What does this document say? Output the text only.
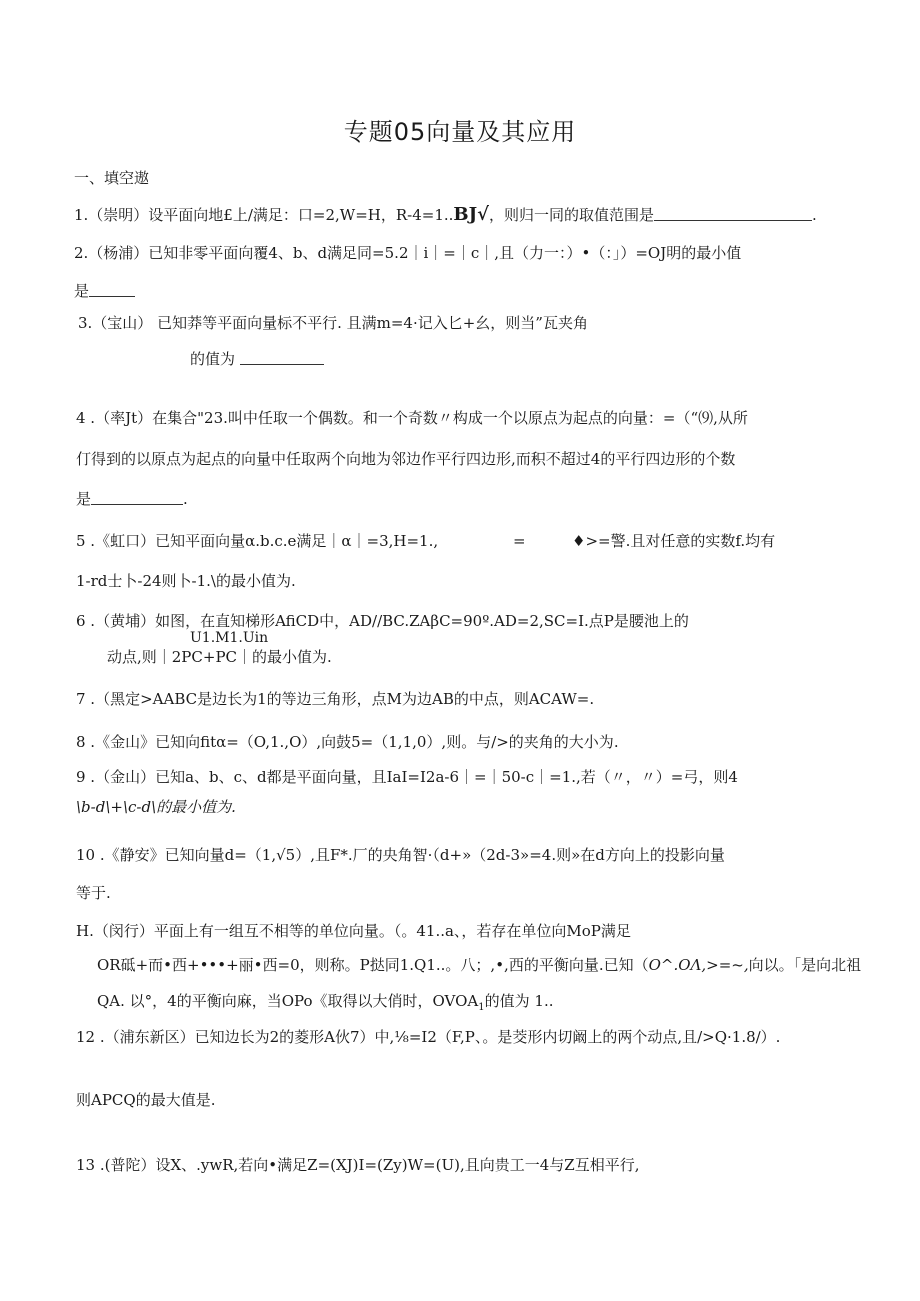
专题05向量及其应用
一、填空遨
1.（崇明）设平面向地£上/满足：口=2,W=H，R-4=1..BJ√，则归一同的取值范围是	.
2.（杨浦）已知非零平面向覆4、b、d满足同=5.2｜i｜=｜c｜,且（力一：）•（：」）=OJ明的最小值
是
3.（宝山） 已知莽等平面向量标不平行. 且满m=4·记入匕+幺，则当”瓦夹角
的值为
4 .（率Jt）在集合"23.叫中任取一个偶数。和一个奇数〃构成一个以原点为起点的向量：=（“⑼,从所
仃得到的以原点为起点的向量中任取两个向地为邻边作平行四边形,而积不超过4的平行四边形的个数
是	.
5 .《虹口）已知平面向量α.b.c.e满足｜α｜=3,H=1.,	=	♦>=警.且对任意的实数f.均有
1-rd士卜-24则卜-1.\的最小值为.
6 .（黄埔）如图，在直知梯形AfiCD中，AD//BC.ZAβC=90º.AD=2,SC=I.点P是腰池上的
U1.M1.Uin
动点,则｜2PC+PC｜的最小值为.
7 .（黑定>AABC是边长为1的等边三角形，点M为边AB的中点，则ACAW=.
8 .《金山》已知向fitα=（O,1.,O）,向鼓5=（1,1,0）,则。与/>的夹角的大小为.
9 .（金山）已知a、b、c、d都是平面向量，且IaI=I2a-6｜=｜50-c｜=1.,若（〃，〃）=弓，则4
\b-d\+\c-d\的最小值为.
10 .《静安》已知向量d=（1,√5）,且F*.厂的央角智·（d+»（2d-3»=4.则»在d方向上的投影向量
等于.
H.（闵行）平面上有一组互不相等的单位向量。（。41..a、，若存在单位向MoP满足
OR砥+而•西+•••+丽•西=0，则称。P挞同1.Q1..。八；,•,西的平衡向量.已知（O^.OΛ,>=~,向以。「是向北祖
QA. 以°，4的平衡向麻，当OPo《取得以大俏时，$OVOA_1$的值为 1..
12 .（浦东新区）已知边长为2的菱形A伙7）中,⅛=I2（F,P、。是茭形内切阚上的两个动点,且/>Q·1.8∕）.
则APCQ的最大值是.
13 .(普陀）设X、.ywR,若向•满足Z=(XJ)I=(Zy)W=(U),且向贵工一4与Z互相平行,
